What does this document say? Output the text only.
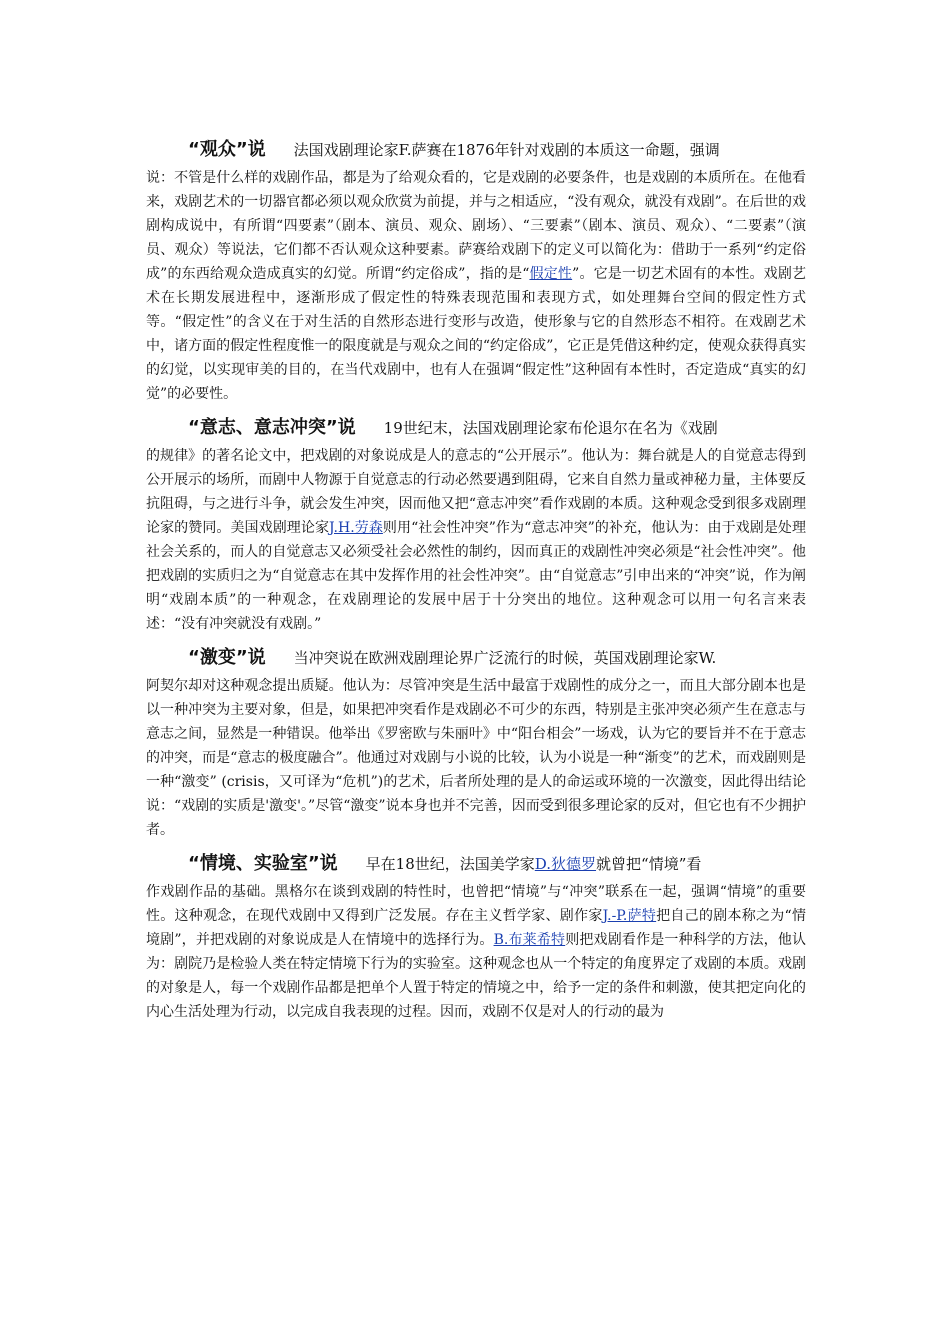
“观众”说 法国戏剧理论家F.萨赛在1876年针对戏剧的本质这一命题，强调

说：不管是什么样的戏剧作品，都是为了给观众看的，它是戏剧的必要条件，也是戏剧的本质所在。在他看来，戏剧艺术的一切器官都必须以观众欣赏为前提，并与之相适应，“没有观众，就没有戏剧”。在后世的戏剧构成说中，有所谓“四要素”（剧本、演员、观众、剧场）、“三要素”（剧本、演员、观众）、“二要素”（演员、观众）等说法，它们都不否认观众这种要素。萨赛给戏剧下的定义可以简化为：借助于一系列“约定俗成”的东西给观众造成真实的幻觉。所谓“约定俗成”，指的是“假定性”。它是一切艺术固有的本性。戏剧艺术在长期发展进程中，逐渐形成了假定性的特殊表现范围和表现方式，如处理舞台空间的假定性方式等。“假定性”的含义在于对生活的自然形态进行变形与改造，使形象与它的自然形态不相符。在戏剧艺术中，诸方面的假定性程度惟一的限度就是与观众之间的“约定俗成”，它正是凭借这种约定，使观众获得真实的幻觉，以实现审美的目的，在当代戏剧中，也有人在强调“假定性”这种固有本性时，否定造成“真实的幻觉”的必要性。

“意志、意志冲突”说 19世纪末，法国戏剧理论家布伦退尔在名为《戏剧

的规律》的著名论文中，把戏剧的对象说成是人的意志的“公开展示”。他认为：舞台就是人的自觉意志得到公开展示的场所，而剧中人物源于自觉意志的行动必然要遇到阻碍，它来自自然力量或神秘力量，主体要反抗阻碍，与之进行斗争，就会发生冲突，因而他又把“意志冲突”看作戏剧的本质。这种观念受到很多戏剧理论家的赞同。美国戏剧理论家J.H.劳森则用“社会性冲突”作为“意志冲突”的补充，他认为：由于戏剧是处理社会关系的，而人的自觉意志又必须受社会必然性的制约，因而真正的戏剧性冲突必须是“社会性冲突”。他把戏剧的实质归之为“自觉意志在其中发挥作用的社会性冲突”。由“自觉意志”引申出来的“冲突”说，作为阐明“戏剧本质”的一种观念，在戏剧理论的发展中居于十分突出的地位。这种观念可以用一句名言来表述：“没有冲突就没有戏剧。”

“激变”说 当冲突说在欧洲戏剧理论界广泛流行的时候，英国戏剧理论家W.

阿契尔却对这种观念提出质疑。他认为：尽管冲突是生活中最富于戏剧性的成分之一，而且大部分剧本也是以一种冲突为主要对象，但是，如果把冲突看作是戏剧必不可少的东西，特别是主张冲突必须产生在意志与意志之间，显然是一种错误。他举出《罗密欧与朱丽叶》中“阳台相会”一场戏，认为它的要旨并不在于意志的冲突，而是“意志的极度融合”。他通过对戏剧与小说的比较，认为小说是一种“渐变”的艺术，而戏剧则是一种“激变” (crisis，又可译为“危机”)的艺术，后者所处理的是人的命运或环境的一次激变，因此得出结论说：“戏剧的实质是'激变'。”尽管“激变”说本身也并不完善，因而受到很多理论家的反对，但它也有不少拥护者。

“情境、实验室”说 早在18世纪，法国美学家D.狄德罗就曾把“情境”看

作戏剧作品的基础。黑格尔在谈到戏剧的特性时，也曾把“情境”与“冲突”联系在一起，强调“情境”的重要性。这种观念，在现代戏剧中又得到广泛发展。存在主义哲学家、剧作家J.-P.萨特把自己的剧本称之为“情境剧”，并把戏剧的对象说成是人在情境中的选择行为。B.布莱希特则把戏剧看作是一种科学的方法，他认为：剧院乃是检验人类在特定情境下行为的实验室。这种观念也从一个特定的角度界定了戏剧的本质。戏剧的对象是人，每一个戏剧作品都是把单个人置于特定的情境之中，给予一定的条件和刺激，使其把定向化的内心生活处理为行动，以完成自我表现的过程。因而，戏剧不仅是对人的行动的最为
